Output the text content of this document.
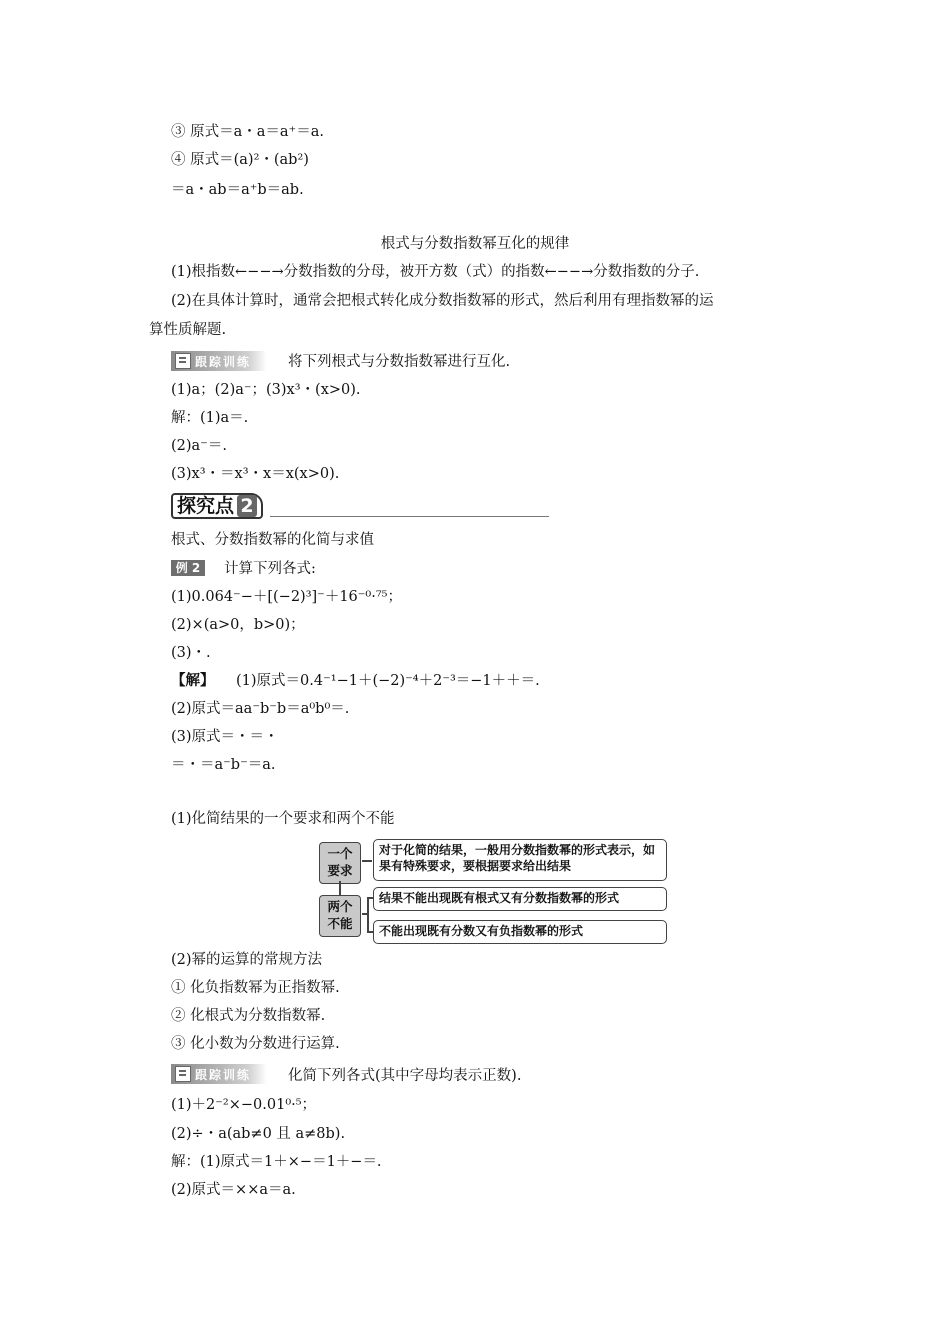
③ 原式＝a・a＝a⁺＝a.
④ 原式＝(a)²・(ab²)
＝a・ab＝a⁺b＝ab.
根式与分数指数幂互化的规律
(1)根指数←−−→分数指数的分母，被开方数（式）的指数←−−→分数指数的分子.
(2)在具体计算时，通常会把根式转化成分数指数幂的形式，然后利用有理指数幂的运
算性质解题.
跟踪训练	将下列根式与分数指数幂进行互化.
(1)a；(2)a⁻；(3)x³・(x>0).
解：(1)a＝.
(2)a⁻＝.
(3)x³・＝x³・x＝x(x>0).
探究点 2
根式、分数指数幂的化简与求值
例 2	计算下列各式:
(1)0.064⁻−＋[(−2)³]⁻＋16⁻⁰·⁷⁵；
(2)×(a>0，b>0)；
(3)・.
【解】 (1)原式＝0.4⁻¹−1＋(−2)⁻⁴＋2⁻³＝−1＋＋＝.
(2)原式＝aa⁻b⁻b＝a⁰b⁰＝.
(3)原式＝・＝・
＝・＝a⁻b⁻＝a.
(1)化简结果的一个要求和两个不能
一个
要求
两个
不能
对于化简的结果，一般用分数指数幂的形式表示，如果有特殊要求，要根据要求给出结果
结果不能出现既有根式又有分数指数幂的形式
不能出现既有分数又有负指数幂的形式
(2)幂的运算的常规方法
① 化负指数幂为正指数幂.
② 化根式为分数指数幂.
③ 化小数为分数进行运算.
跟踪训练	化简下列各式(其中字母均表示正数).
(1)＋2⁻²×−0.01⁰·⁵；
(2)÷・a(ab≠0 且 a≠8b).
解：(1)原式＝1＋×−＝1＋−＝.
(2)原式＝××a＝a.
